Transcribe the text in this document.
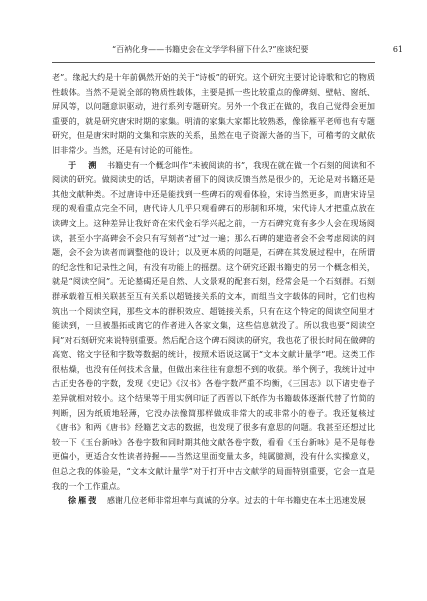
“百衲化身——书籍史会在文学学科留下什么?”座谈纪要	61

老”。缘起大约是十年前偶然开始的关于“诗板”的研究。这个研究主要讨论诗歌和它的物质性载体。当然不是说全部的物质性载体，主要是抓一些比较重点的像碑刻、壁帖、窗纸、屏风等，以问题意识驱动，进行系列专题研究。另外一个我正在做的，我自己觉得会更加重要的，就是研究唐宋时期的家集。明清的家集大家都比较熟悉，像徐雁平老师也有专题研究，但是唐宋时期的文集和宗族的关系，虽然在电子资源大备的当下，可稽考的文献依旧非常少。当然，还是有讨论的可能性。

于　溯 书籍史有一个概念叫作“未被阅读的书”，我现在就在做一个石刻的阅读和不阅读的研究。做阅读史的话，早期读者留下的阅读反馈当然是很少的，无论是对书籍还是其他文献种类。不过唐诗中还是能找到一些碑石的观看体验，宋诗当然更多，而唐宋诗呈现的观看重点完全不同，唐代诗人几乎只观看碑石的形制和环境，宋代诗人才把重点放在读碑文上。这种差异让我好奇在宋代金石学兴起之前，一方石碑究竟有多少人会在现场阅读，甚至小字高碑会不会只有写刻者“过”过一遍；那么石碑的建造者会不会考虑阅读的问题，会不会为读者而调整他的设计；以及更本质的问题是，石碑在其发展过程中，在所谓的纪念性和记录性之间，有没有功能上的摇摆。这个研究还跟书籍史的另一个概念相关，就是“阅读空间”。无论墓碣还是自然、人文景观的配套石刻，经常会是一个石刻群。石刻群承载着互相关联甚至互有关系以超链接关系的文本，而组当文字载体的同时，它们也构筑出一个阅读空间，那些文本的群积效应、超链接关系，只有在这个特定的阅读空间里才能读到，一旦被墨拓或离它的作者进入各家文集，这些信息就没了。所以我也要“阅读空间”对石刻研究来说特别重要。然后配合这个碑石阅读的研究，我也花了很长时间在做碑的高宽、铭文字径和字数等数据的统计，按照术语说这属于“文本文献计量学”吧。这类工作很枯燥，也没有任何技术含量，但做出来往往有意想不到的收获。举个例子，我统计过中古正史各卷的字数，发现《史记》《汉书》各卷字数严重不均衡，《三国志》以下诸史卷子差异就相对较小。这个结果等于用实例印证了西晋以下纸作为书籍载体逐渐代替了竹简的判断，因为纸质地轻薄，它没办法像简那样做成非常大的或非常小的卷子。我还复核过《唐书》和两《唐书》经籍艺文志的数据，也发现了很多有意思的问题。我甚至还想过比较一下《玉台新咏》各卷字数和同时期其他文献各卷字数，看看《玉台新咏》是不是每卷更偏小，更适合女性读者持握——当然这里面变量太多，纯属臆测，没有什么实操意义，但总之我的体验是，“文本文献计量学”对于打开中古文献学的局面特别重要，它会一直是我的一个工作重点。

徐雁弢 感谢几位老师非常坦率与真诚的分享。过去的十年书籍史在本土迅速发展
